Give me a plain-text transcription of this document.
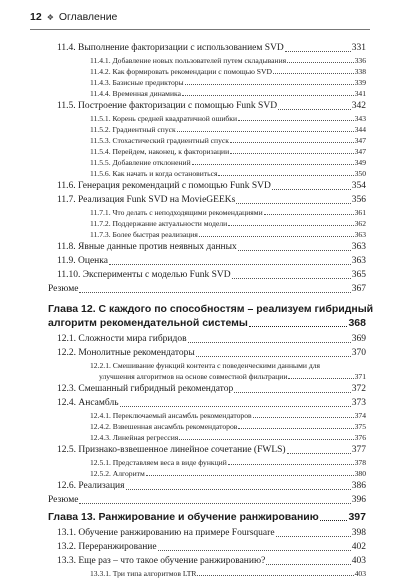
12 ❖ Оглавление
11.4. Выполнение факторизации с использованием SVD	331
11.4.1. Добавление новых пользователей путем складывания	336
11.4.2. Как формировать рекомендации с помощью SVD	338
11.4.3. Базисные предикторы	339
11.4.4. Временная динамика	341
11.5. Построение факторизации с помощью Funk SVD	342
11.5.1. Корень средней квадратичной ошибки	343
11.5.2. Градиентный спуск	344
11.5.3. Стохастический градиентный спуск	347
11.5.4. Перейдем, наконец, к факторизации	347
11.5.5. Добавление отклонений	349
11.5.6. Как начать и когда остановиться	350
11.6. Генерация рекомендаций с помощью Funk SVD	354
11.7. Реализация Funk SVD на MovieGEEKs	356
11.7.1. Что делать с неподходящими рекомендациями	361
11.7.2. Поддержание актуальности модели	362
11.7.3. Более быстрая реализация	363
11.8. Явные данные против неявных данных	363
11.9. Оценка	363
11.10. Эксперименты с моделью Funk SVD	365
Резюме	367
Глава 12. С каждого по способностям – реализуем гибридный
алгоритм рекомендательной системы	368
12.1. Сложности мира гибридов	369
12.2. Монолитные рекомендаторы	370
12.2.1. Смешивание функций контента с поведенческими данными для
улучшения алгоритмов на основе совместной фильтрации	371
12.3. Смешанный гибридный рекомендатор	372
12.4. Ансамбль	373
12.4.1. Переключаемый ансамбль рекомендаторов	374
12.4.2. Взвешенная ансамбль рекомендаторов	375
12.4.3. Линейная регрессия	376
12.5. Признако-взвешенное линейное сочетание (FWLS)	377
12.5.1. Представляем веса в виде функций	378
12.5.2. Алгоритм	380
12.6. Реализация	386
Резюме	396
Глава 13. Ранжирование и обучение ранжированию	397
13.1. Обучение ранжированию на примере Foursquare	398
13.2. Переранжирование	402
13.3. Еще раз – что такое обучение ранжированию?	403
13.3.1. Три типа алгоритмов LTR	403
